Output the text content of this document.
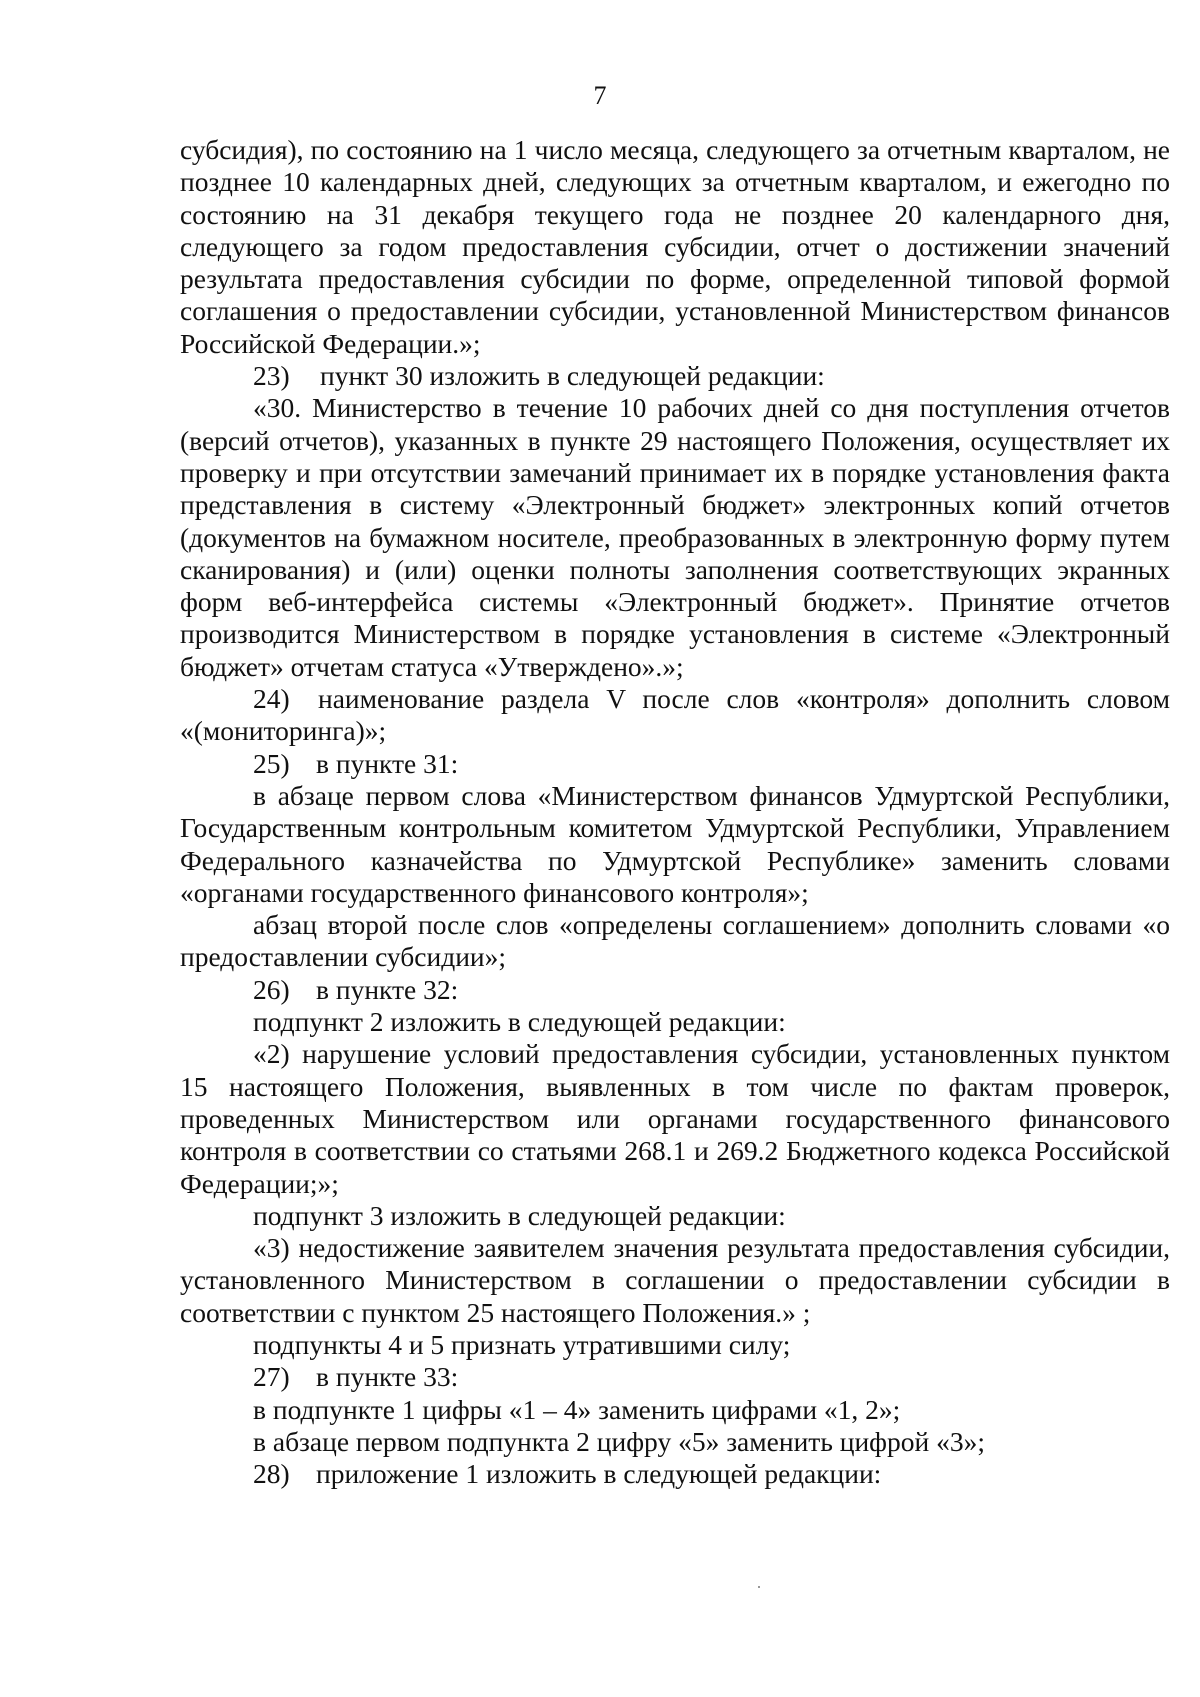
7

субсидия), по состоянию на 1 число месяца, следующего за отчетным кварталом, не позднее 10 календарных дней, следующих за отчетным кварталом, и ежегодно по состоянию на 31 декабря текущего года не позднее 20 календарного дня, следующего за годом предоставления субсидии, отчет о достижении значений результата предоставления субсидии по форме, определенной типовой формой соглашения о предоставлении субсидии, установленной Министерством финансов Российской Федерации.»;

23) пункт 30 изложить в следующей редакции:

«30. Министерство в течение 10 рабочих дней со дня поступления отчетов (версий отчетов), указанных в пункте 29 настоящего Положения, осуществляет их проверку и при отсутствии замечаний принимает их в порядке установления факта представления в систему «Электронный бюджет» электронных копий отчетов (документов на бумажном носителе, преобразованных в электронную форму путем сканирования) и (или) оценки полноты заполнения соответствующих экранных форм веб-интерфейса системы «Электронный бюджет». Принятие отчетов производится Министерством в порядке установления в системе «Электронный бюджет» отчетам статуса «Утверждено».»;

24) наименование раздела V после слов «контроля» дополнить словом «(мониторинга)»;

25) в пункте 31:

в абзаце первом слова «Министерством финансов Удмуртской Республики, Государственным контрольным комитетом Удмуртской Республики, Управлением Федерального казначейства по Удмуртской Республике» заменить словами «органами государственного финансового контроля»;

абзац второй после слов «определены соглашением» дополнить словами «о предоставлении субсидии»;

26) в пункте 32:

подпункт 2 изложить в следующей редакции:

«2) нарушение условий предоставления субсидии, установленных пунктом 15 настоящего Положения, выявленных в том числе по фактам проверок, проведенных Министерством или органами государственного финансового контроля в соответствии со статьями 268.1 и 269.2 Бюджетного кодекса Российской Федерации;»;

подпункт 3 изложить в следующей редакции:

«3) недостижение заявителем значения результата предоставления субсидии, установленного Министерством в соглашении о предоставлении субсидии в соответствии с пунктом 25 настоящего Положения.» ;

подпункты 4 и 5 признать утратившими силу;

27) в пункте 33:

в подпункте 1 цифры «1 – 4» заменить цифрами «1, 2»;

в абзаце первом подпункта 2 цифру «5» заменить цифрой «3»;

28) приложение 1 изложить в следующей редакции:
